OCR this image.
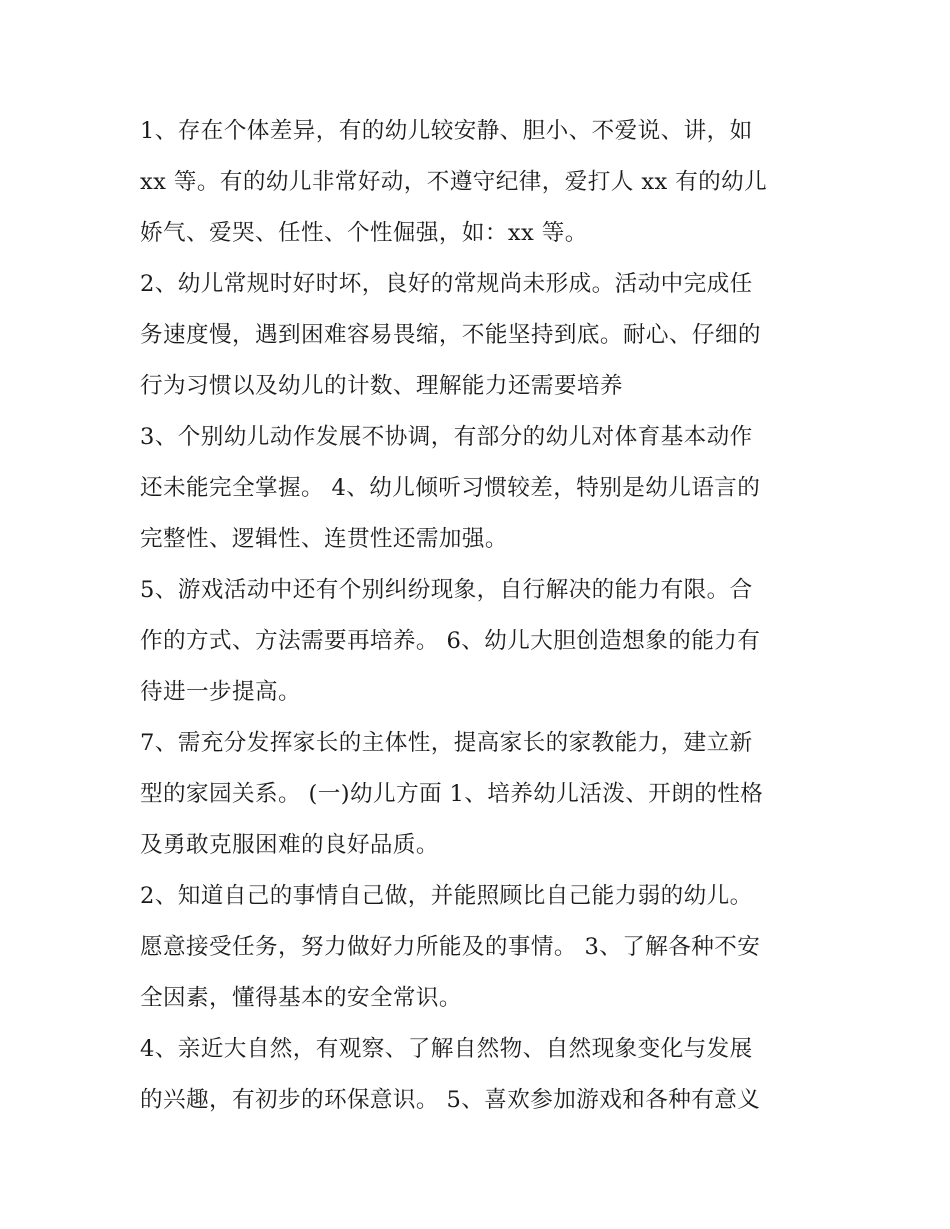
1、存在个体差异，有的幼儿较安静、胆小、不爱说、讲，如
xx 等。有的幼儿非常好动，不遵守纪律，爱打人 xx 有的幼儿
娇气、爱哭、任性、个性倔强，如：xx 等。

2、幼儿常规时好时坏，良好的常规尚未形成。活动中完成任
务速度慢，遇到困难容易畏缩，不能坚持到底。耐心、仔细的
行为习惯以及幼儿的计数、理解能力还需要培养

3、个别幼儿动作发展不协调，有部分的幼儿对体育基本动作
还未能完全掌握。 4、幼儿倾听习惯较差，特别是幼儿语言的
完整性、逻辑性、连贯性还需加强。

5、游戏活动中还有个别纠纷现象，自行解决的能力有限。合
作的方式、方法需要再培养。 6、幼儿大胆创造想象的能力有
待进一步提高。

7、需充分发挥家长的主体性，提高家长的家教能力，建立新
型的家园关系。 (一)幼儿方面 1、培养幼儿活泼、开朗的性格
及勇敢克服困难的良好品质。

2、知道自己的事情自己做，并能照顾比自己能力弱的幼儿。
愿意接受任务，努力做好力所能及的事情。 3、了解各种不安
全因素，懂得基本的安全常识。

4、亲近大自然，有观察、了解自然物、自然现象变化与发展
的兴趣，有初步的环保意识。 5、喜欢参加游戏和各种有意义
